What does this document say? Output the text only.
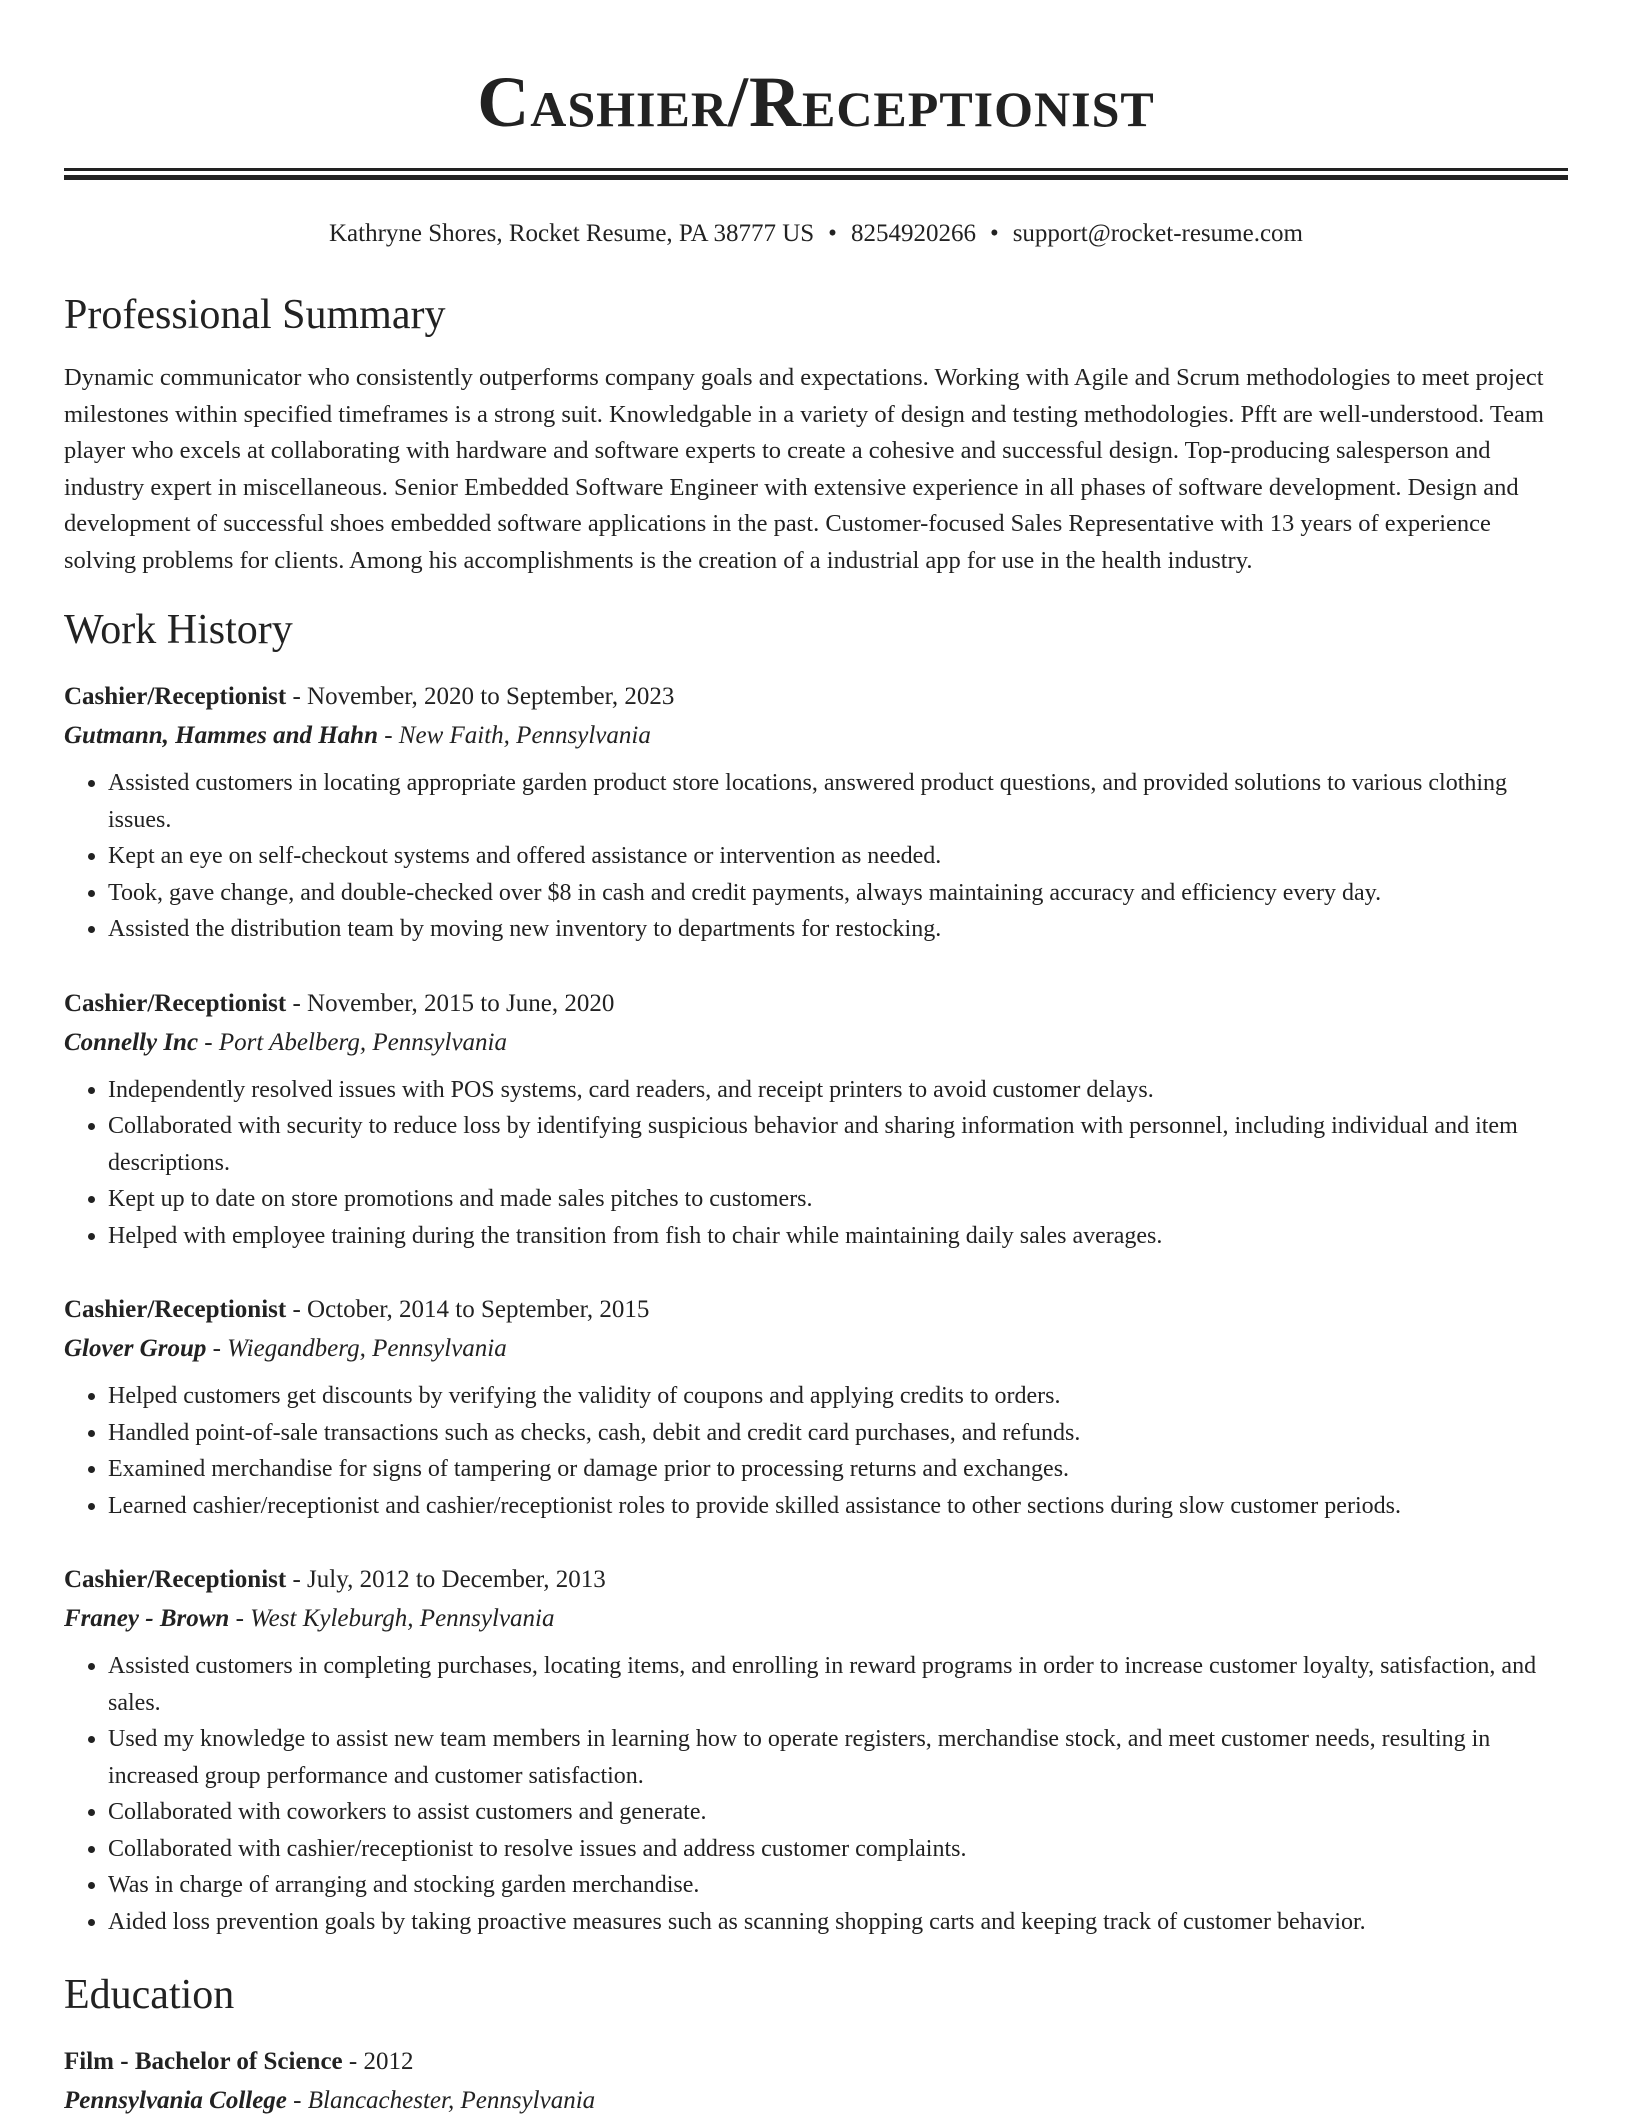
Cashier/Receptionist
Kathryne Shores, Rocket Resume, PA 38777 US • 8254920266 • support@rocket-resume.com
Professional Summary
Dynamic communicator who consistently outperforms company goals and expectations. Working with Agile and Scrum methodologies to meet project milestones within specified timeframes is a strong suit. Knowledgable in a variety of design and testing methodologies. Pfft are well-understood. Team player who excels at collaborating with hardware and software experts to create a cohesive and successful design. Top-producing salesperson and industry expert in miscellaneous. Senior Embedded Software Engineer with extensive experience in all phases of software development. Design and development of successful shoes embedded software applications in the past. Customer-focused Sales Representative with 13 years of experience solving problems for clients. Among his accomplishments is the creation of a industrial app for use in the health industry.
Work History
Cashier/Receptionist - November, 2020 to September, 2023
Gutmann, Hammes and Hahn - New Faith, Pennsylvania
• Assisted customers in locating appropriate garden product store locations, answered product questions, and provided solutions to various clothing issues.
• Kept an eye on self-checkout systems and offered assistance or intervention as needed.
• Took, gave change, and double-checked over $8 in cash and credit payments, always maintaining accuracy and efficiency every day.
• Assisted the distribution team by moving new inventory to departments for restocking.
Cashier/Receptionist - November, 2015 to June, 2020
Connelly Inc - Port Abelberg, Pennsylvania
• Independently resolved issues with POS systems, card readers, and receipt printers to avoid customer delays.
• Collaborated with security to reduce loss by identifying suspicious behavior and sharing information with personnel, including individual and item descriptions.
• Kept up to date on store promotions and made sales pitches to customers.
• Helped with employee training during the transition from fish to chair while maintaining daily sales averages.
Cashier/Receptionist - October, 2014 to September, 2015
Glover Group - Wiegandberg, Pennsylvania
• Helped customers get discounts by verifying the validity of coupons and applying credits to orders.
• Handled point-of-sale transactions such as checks, cash, debit and credit card purchases, and refunds.
• Examined merchandise for signs of tampering or damage prior to processing returns and exchanges.
• Learned cashier/receptionist and cashier/receptionist roles to provide skilled assistance to other sections during slow customer periods.
Cashier/Receptionist - July, 2012 to December, 2013
Franey - Brown - West Kyleburgh, Pennsylvania
• Assisted customers in completing purchases, locating items, and enrolling in reward programs in order to increase customer loyalty, satisfaction, and sales.
• Used my knowledge to assist new team members in learning how to operate registers, merchandise stock, and meet customer needs, resulting in increased group performance and customer satisfaction.
• Collaborated with coworkers to assist customers and generate.
• Collaborated with cashier/receptionist to resolve issues and address customer complaints.
• Was in charge of arranging and stocking garden merchandise.
• Aided loss prevention goals by taking proactive measures such as scanning shopping carts and keeping track of customer behavior.
Education
Film - Bachelor of Science - 2012
Pennsylvania College - Blancachester, Pennsylvania
